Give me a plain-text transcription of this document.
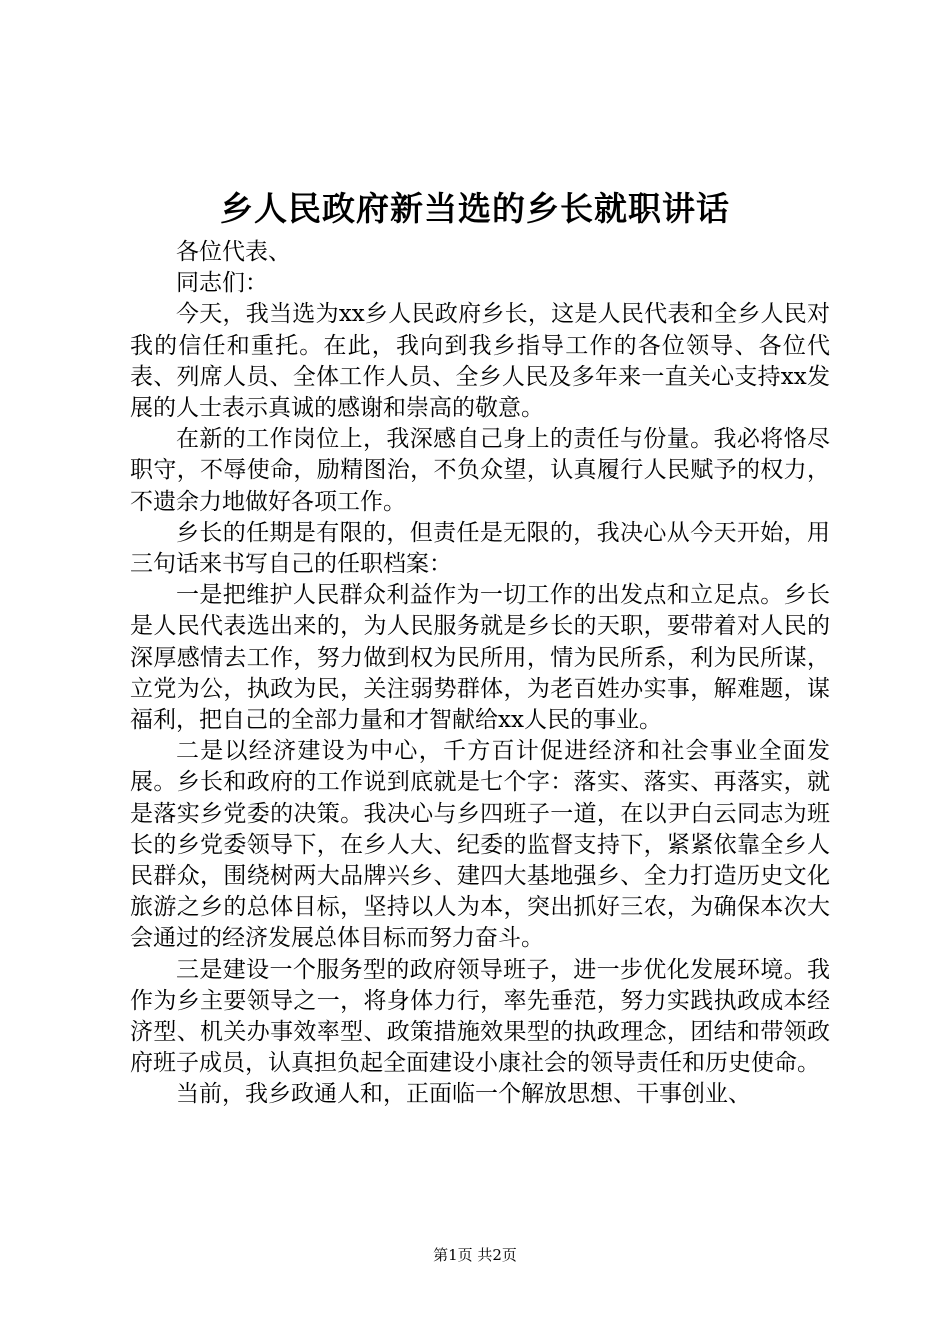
乡人民政府新当选的乡长就职讲话

各位代表、

同志们：

今天，我当选为xx乡人民政府乡长，这是人民代表和全乡人民对我的信任和重托。在此，我向到我乡指导工作的各位领导、各位代表、列席人员、全体工作人员、全乡人民及多年来一直关心支持xx发展的人士表示真诚的感谢和崇高的敬意。

在新的工作岗位上，我深感自己身上的责任与份量。我必将恪尽职守，不辱使命，励精图治，不负众望，认真履行人民赋予的权力，不遗余力地做好各项工作。

乡长的任期是有限的，但责任是无限的，我决心从今天开始，用三句话来书写自己的任职档案：

一是把维护人民群众利益作为一切工作的出发点和立足点。乡长是人民代表选出来的，为人民服务就是乡长的天职，要带着对人民的深厚感情去工作，努力做到权为民所用，情为民所系，利为民所谋，立党为公，执政为民，关注弱势群体，为老百姓办实事，解难题，谋福利，把自己的全部力量和才智献给xx人民的事业。

二是以经济建设为中心，千方百计促进经济和社会事业全面发展。乡长和政府的工作说到底就是七个字：落实、落实、再落实，就是落实乡党委的决策。我决心与乡四班子一道，在以尹白云同志为班长的乡党委领导下，在乡人大、纪委的监督支持下，紧紧依靠全乡人民群众，围绕树两大品牌兴乡、建四大基地强乡、全力打造历史文化旅游之乡的总体目标，坚持以人为本，突出抓好三农，为确保本次大会通过的经济发展总体目标而努力奋斗。

三是建设一个服务型的政府领导班子，进一步优化发展环境。我作为乡主要领导之一，将身体力行，率先垂范，努力实践执政成本经济型、机关办事效率型、政策措施效果型的执政理念，团结和带领政府班子成员，认真担负起全面建设小康社会的领导责任和历史使命。

当前，我乡政通人和，正面临一个解放思想、干事创业、

第1页 共2页
